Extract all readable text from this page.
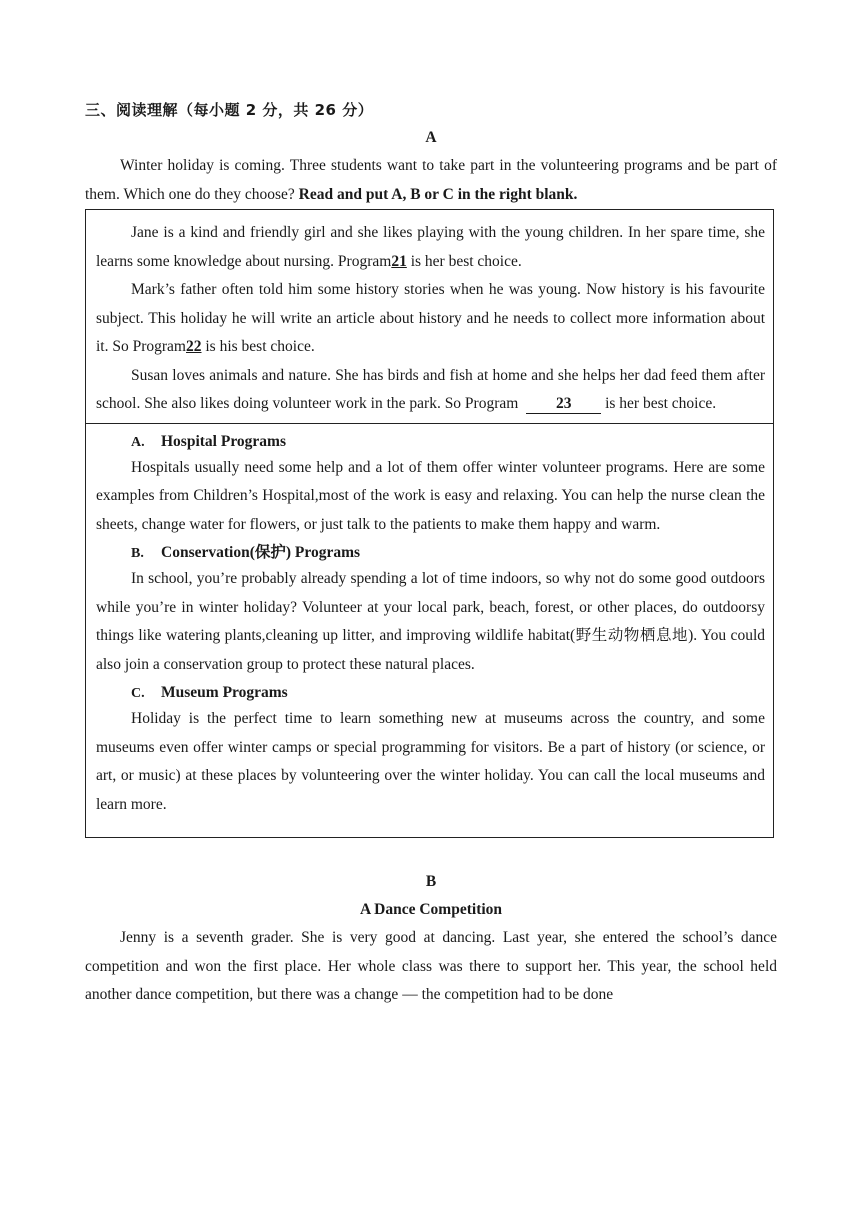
三、阅读理解（每小题 2 分，共 26 分）
A

Winter holiday is coming. Three students want to take part in the volunteering programs and be part of them. Which one do they choose? Read and put A, B or C in the right blank.

Jane is a kind and friendly girl and she likes playing with the young children. In her spare time, she learns some knowledge about nursing. Program21 is her best choice.

Mark’s father often told him some history stories when he was young. Now history is his favourite subject. This holiday he will write an article about history and he needs to collect more information about it. So Program22 is his best choice.

Susan loves animals and nature. She has birds and fish at home and she helps her dad feed them after school. She also likes doing volunteer work in the park. So Program 23 is her best choice.

A. Hospital Programs

Hospitals usually need some help and a lot of them offer winter volunteer programs. Here are some examples from Children’s Hospital,most of the work is easy and relaxing. You can help the nurse clean the sheets, change water for flowers, or just talk to the patients to make them happy and warm.

B. Conservation(保护) Programs

In school, you’re probably already spending a lot of time indoors, so why not do some good outdoors while you’re in winter holiday? Volunteer at your local park, beach, forest, or other places, do outdoorsy things like watering plants,cleaning up litter, and improving wildlife habitat(野生动物栖息地). You could also join a conservation group to protect these natural places.

C. Museum Programs

Holiday is the perfect time to learn something new at museums across the country, and some museums even offer winter camps or special programming for visitors. Be a part of history (or science, or art, or music) at these places by volunteering over the winter holiday. You can call the local museums and learn more.

B
A Dance Competition

Jenny is a seventh grader. She is very good at dancing. Last year, she entered the school’s dance competition and won the first place. Her whole class was there to support her. This year, the school held another dance competition, but there was a change — the competition had to be done
